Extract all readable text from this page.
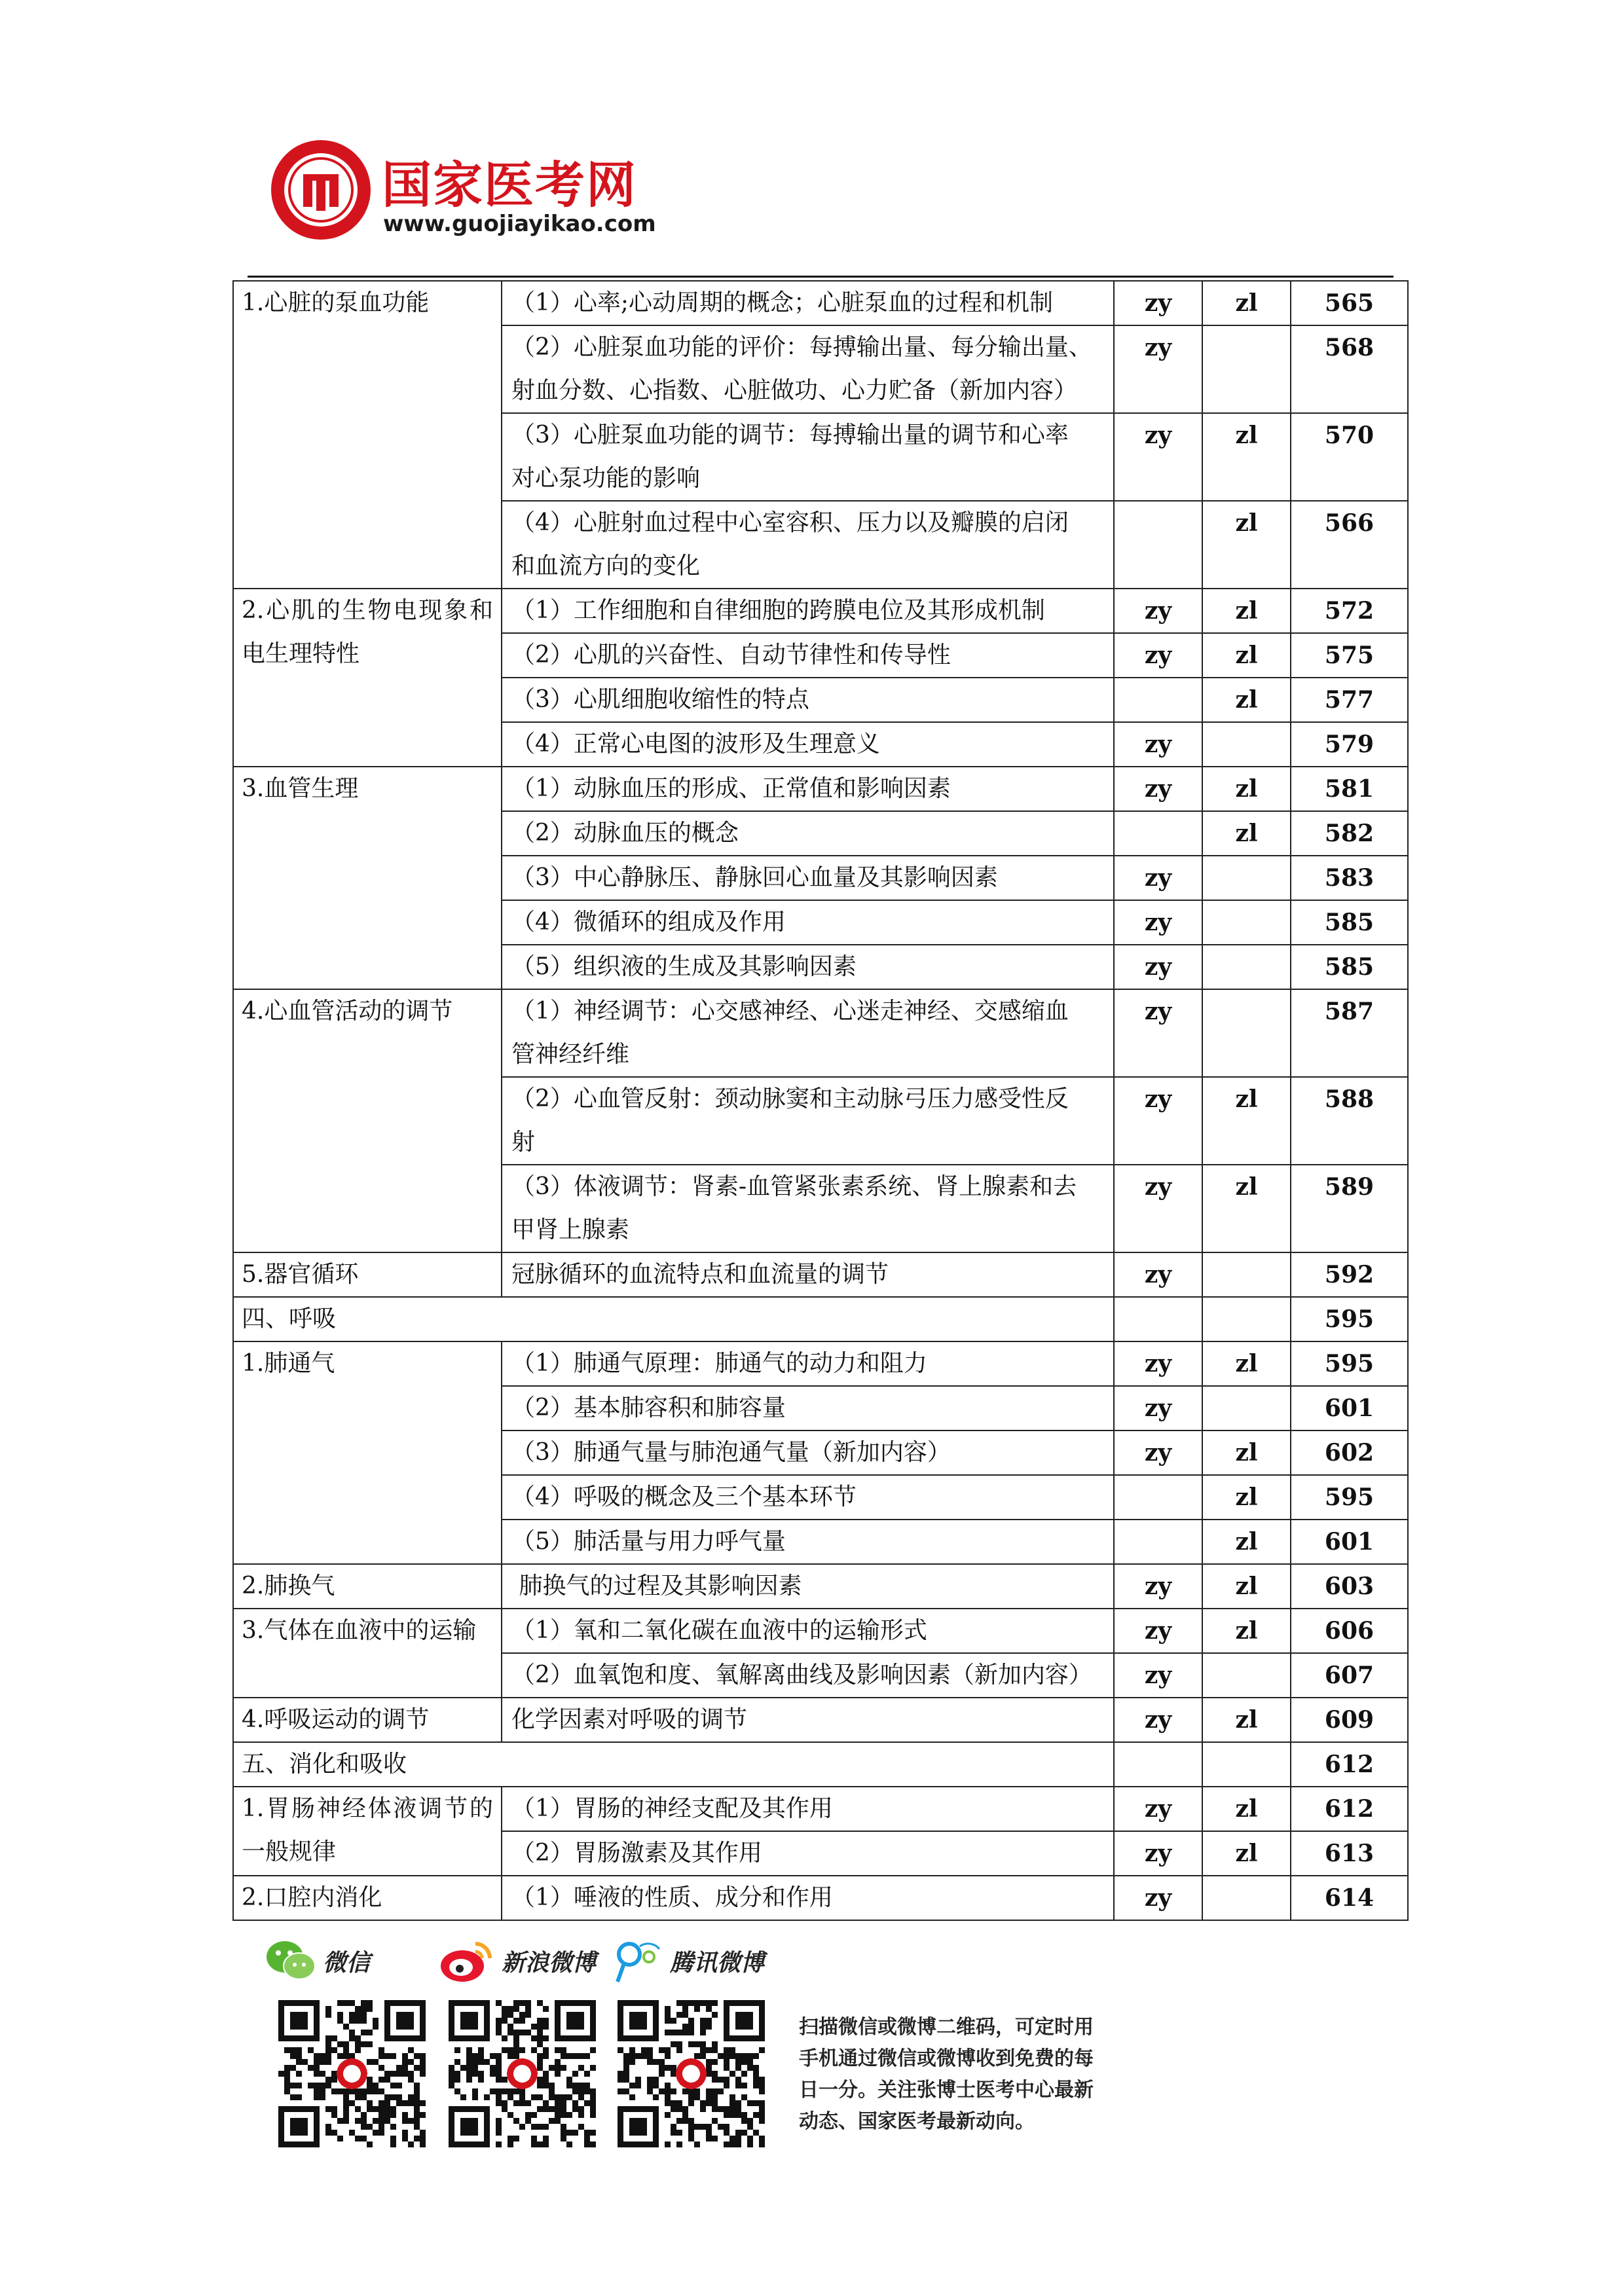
国家医考网
www.guojiayikao.com
1.心脏的泵血功能	（1）心率;心动周期的概念；心脏泵血的过程和机制	zy	zl	565

	（2）心脏泵血功能的评价：每搏输出量、每分输出量、
射血分数、心指数、心脏做功、心力贮备（新加内容）	zy		568

	（3）心脏泵血功能的调节：每搏输出量的调节和心率
对心泵功能的影响	zy	zl	570

	（4）心脏射血过程中心室容积、压力以及瓣膜的启闭
和血流方向的变化		zl	566
2.心肌的生物电现象和电生理特性	（1）工作细胞和自律细胞的跨膜电位及其形成机制	zy	zl	572

	（2）心肌的兴奋性、自动节律性和传导性	zy	zl	575

	（3）心肌细胞收缩性的特点		zl	577

	（4）正常心电图的波形及生理意义	zy		579
3.血管生理	（1）动脉血压的形成、正常值和影响因素	zy	zl	581

	（2）动脉血压的概念		zl	582

	（3）中心静脉压、静脉回心血量及其影响因素	zy		583

	（4）微循环的组成及作用	zy		585

	（5）组织液的生成及其影响因素	zy		585
4.心血管活动的调节	（1）神经调节：心交感神经、心迷走神经、交感缩血
管神经纤维	zy		587

	（2）心血管反射：颈动脉窦和主动脉弓压力感受性反
射	zy	zl	588

	（3）体液调节：肾素-血管紧张素系统、肾上腺素和去
甲肾上腺素	zy	zl	589
5.器官循环	冠脉循环的血流特点和血流量的调节	zy		592
四、呼吸				595
1.肺通气	（1）肺通气原理：肺通气的动力和阻力	zy	zl	595

	（2）基本肺容积和肺容量	zy		601

	（3）肺通气量与肺泡通气量（新加内容）	zy	zl	602

	（4）呼吸的概念及三个基本环节		zl	595

	（5）肺活量与用力呼气量		zl	601
2.肺换气	肺换气的过程及其影响因素	zy	zl	603
3.气体在血液中的运输	（1）氧和二氧化碳在血液中的运输形式	zy	zl	606

	（2）血氧饱和度、氧解离曲线及影响因素（新加内容）	zy		607
4.呼吸运动的调节	化学因素对呼吸的调节	zy	zl	609
五、消化和吸收				612
1.胃肠神经体液调节的一般规律	（1）胃肠的神经支配及其作用	zy	zl	612

	（2）胃肠激素及其作用	zy	zl	613
2.口腔内消化	（1）唾液的性质、成分和作用	zy		614
微信	新浪微博	腾讯微博
扫描微信或微博二维码，可定时用
手机通过微信或微博收到免费的每
日一分。关注张博士医考中心最新
动态、国家医考最新动向。
